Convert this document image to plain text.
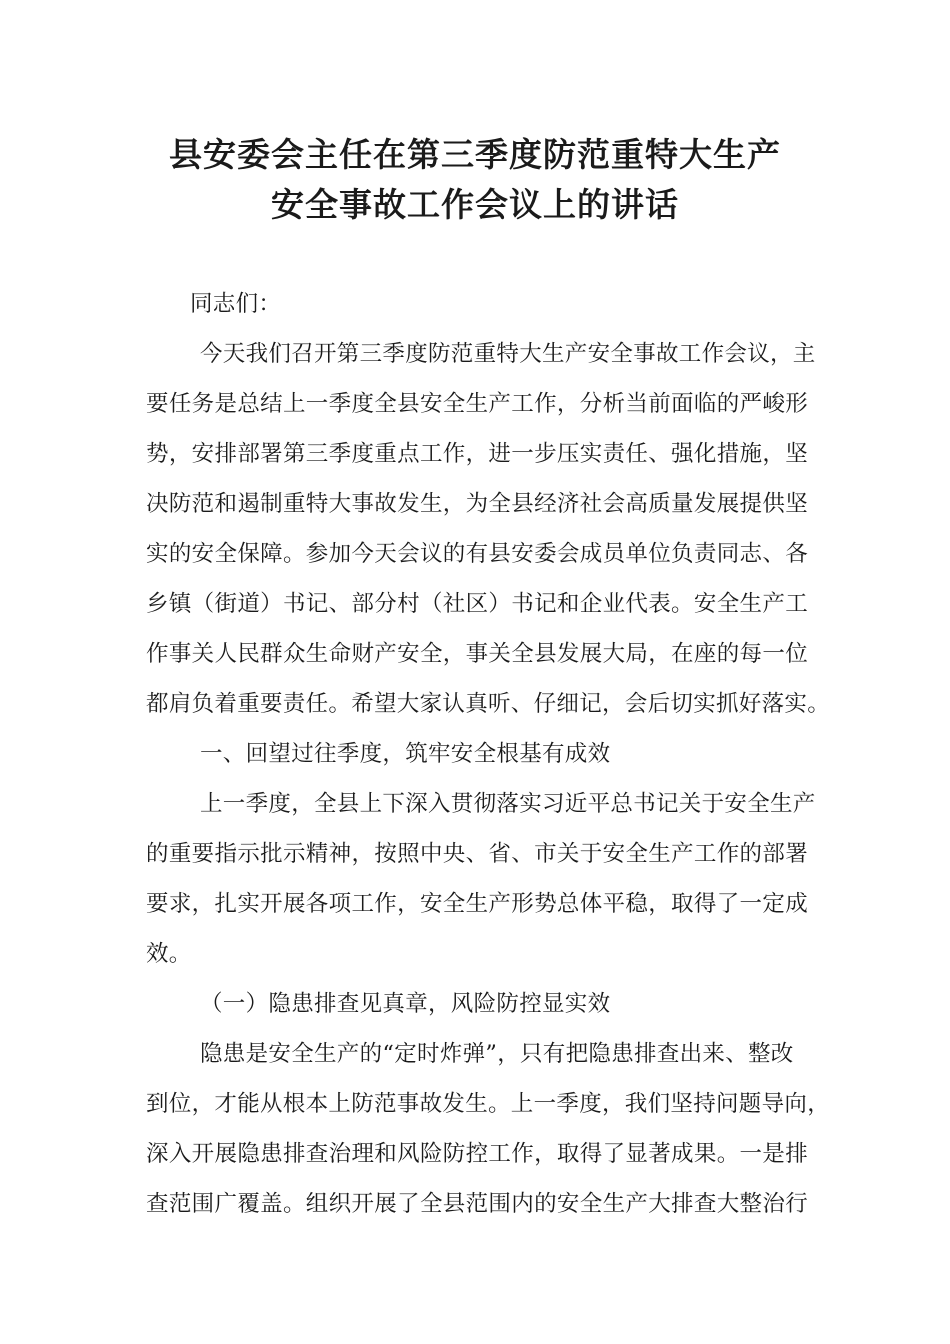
县安委会主任在第三季度防范重特大生产
安全事故工作会议上的讲话

同志们：

今天我们召开第三季度防范重特大生产安全事故工作会议，主

要任务是总结上一季度全县安全生产工作，分析当前面临的严峻形

势，安排部署第三季度重点工作，进一步压实责任、强化措施，坚

决防范和遏制重特大事故发生，为全县经济社会高质量发展提供坚

实的安全保障。参加今天会议的有县安委会成员单位负责同志、各

乡镇（街道）书记、部分村（社区）书记和企业代表。安全生产工

作事关人民群众生命财产安全，事关全县发展大局，在座的每一位

都肩负着重要责任。希望大家认真听、仔细记，会后切实抓好落实。

一、回望过往季度，筑牢安全根基有成效

上一季度，全县上下深入贯彻落实习近平总书记关于安全生产

的重要指示批示精神，按照中央、省、市关于安全生产工作的部署

要求，扎实开展各项工作，安全生产形势总体平稳，取得了一定成

效。

（一）隐患排查见真章，风险防控显实效

隐患是安全生产的“定时炸弹”，只有把隐患排查出来、整改

到位，才能从根本上防范事故发生。上一季度，我们坚持问题导向，

深入开展隐患排查治理和风险防控工作，取得了显著成果。一是排

查范围广覆盖。组织开展了全县范围内的安全生产大排查大整治行
